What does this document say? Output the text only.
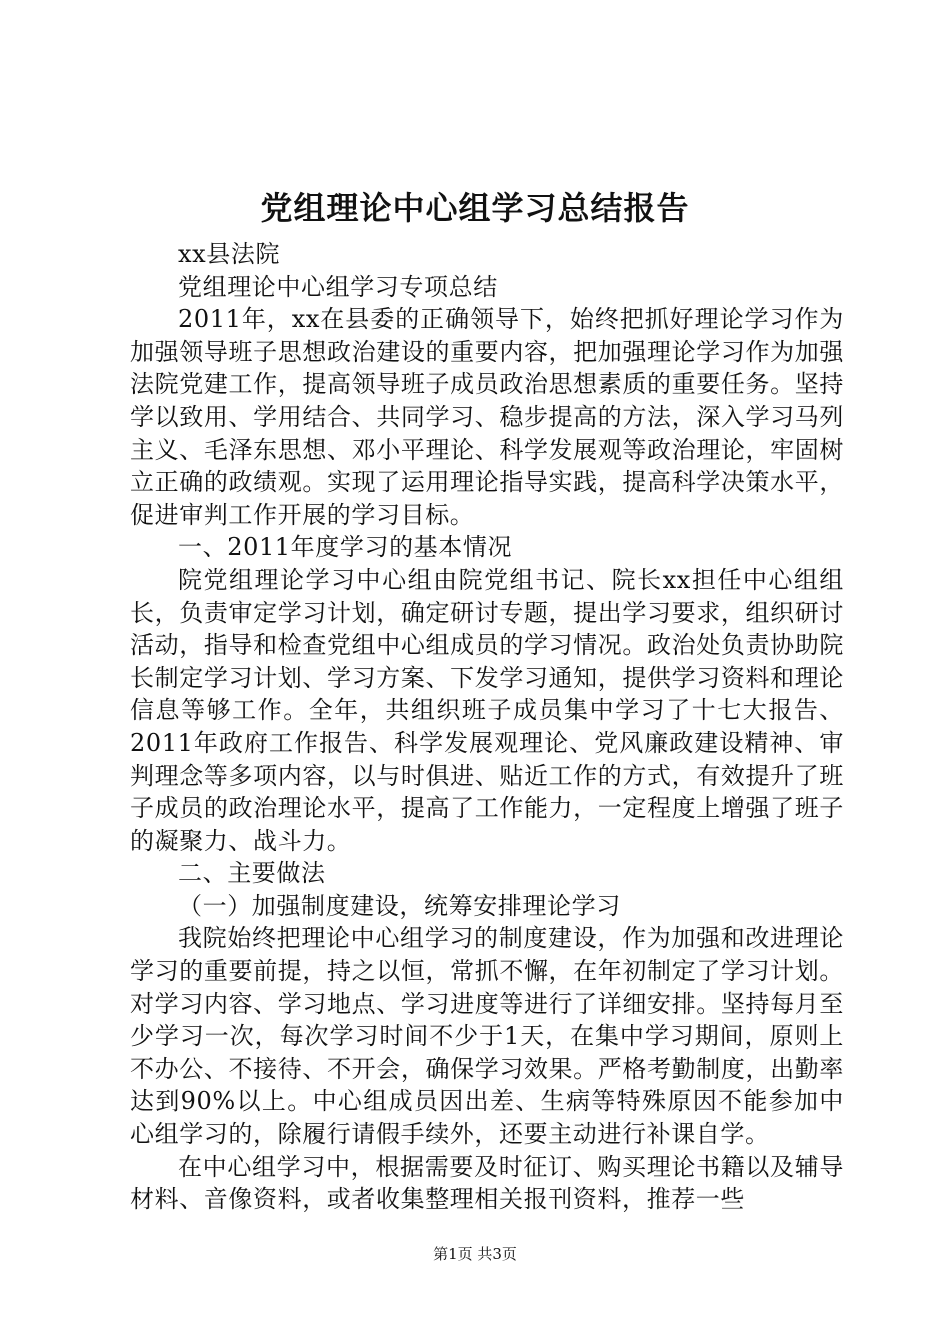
党组理论中心组学习总结报告

xx县法院

党组理论中心组学习专项总结

2011年，xx在县委的正确领导下，始终把抓好理论学习作为加强领导班子思想政治建设的重要内容，把加强理论学习作为加强法院党建工作，提高领导班子成员政治思想素质的重要任务。坚持学以致用、学用结合、共同学习、稳步提高的方法，深入学习马列主义、毛泽东思想、邓小平理论、科学发展观等政治理论，牢固树立正确的政绩观。实现了运用理论指导实践，提高科学决策水平，促进审判工作开展的学习目标。

一、2011年度学习的基本情况

院党组理论学习中心组由院党组书记、院长xx担任中心组组长，负责审定学习计划，确定研讨专题，提出学习要求，组织研讨活动，指导和检查党组中心组成员的学习情况。政治处负责协助院长制定学习计划、学习方案、下发学习通知，提供学习资料和理论信息等够工作。全年，共组织班子成员集中学习了十七大报告、2011年政府工作报告、科学发展观理论、党风廉政建设精神、审判理念等多项内容，以与时俱进、贴近工作的方式，有效提升了班子成员的政治理论水平，提高了工作能力，一定程度上增强了班子的凝聚力、战斗力。

二、主要做法

（一）加强制度建设，统筹安排理论学习

我院始终把理论中心组学习的制度建设，作为加强和改进理论学习的重要前提，持之以恒，常抓不懈，在年初制定了学习计划。对学习内容、学习地点、学习进度等进行了详细安排。坚持每月至少学习一次，每次学习时间不少于1天，在集中学习期间，原则上不办公、不接待、不开会，确保学习效果。严格考勤制度，出勤率达到90%以上。中心组成员因出差、生病等特殊原因不能参加中心组学习的，除履行请假手续外，还要主动进行补课自学。

在中心组学习中，根据需要及时征订、购买理论书籍以及辅导材料、音像资料，或者收集整理相关报刊资料，推荐一些

第1页 共3页
